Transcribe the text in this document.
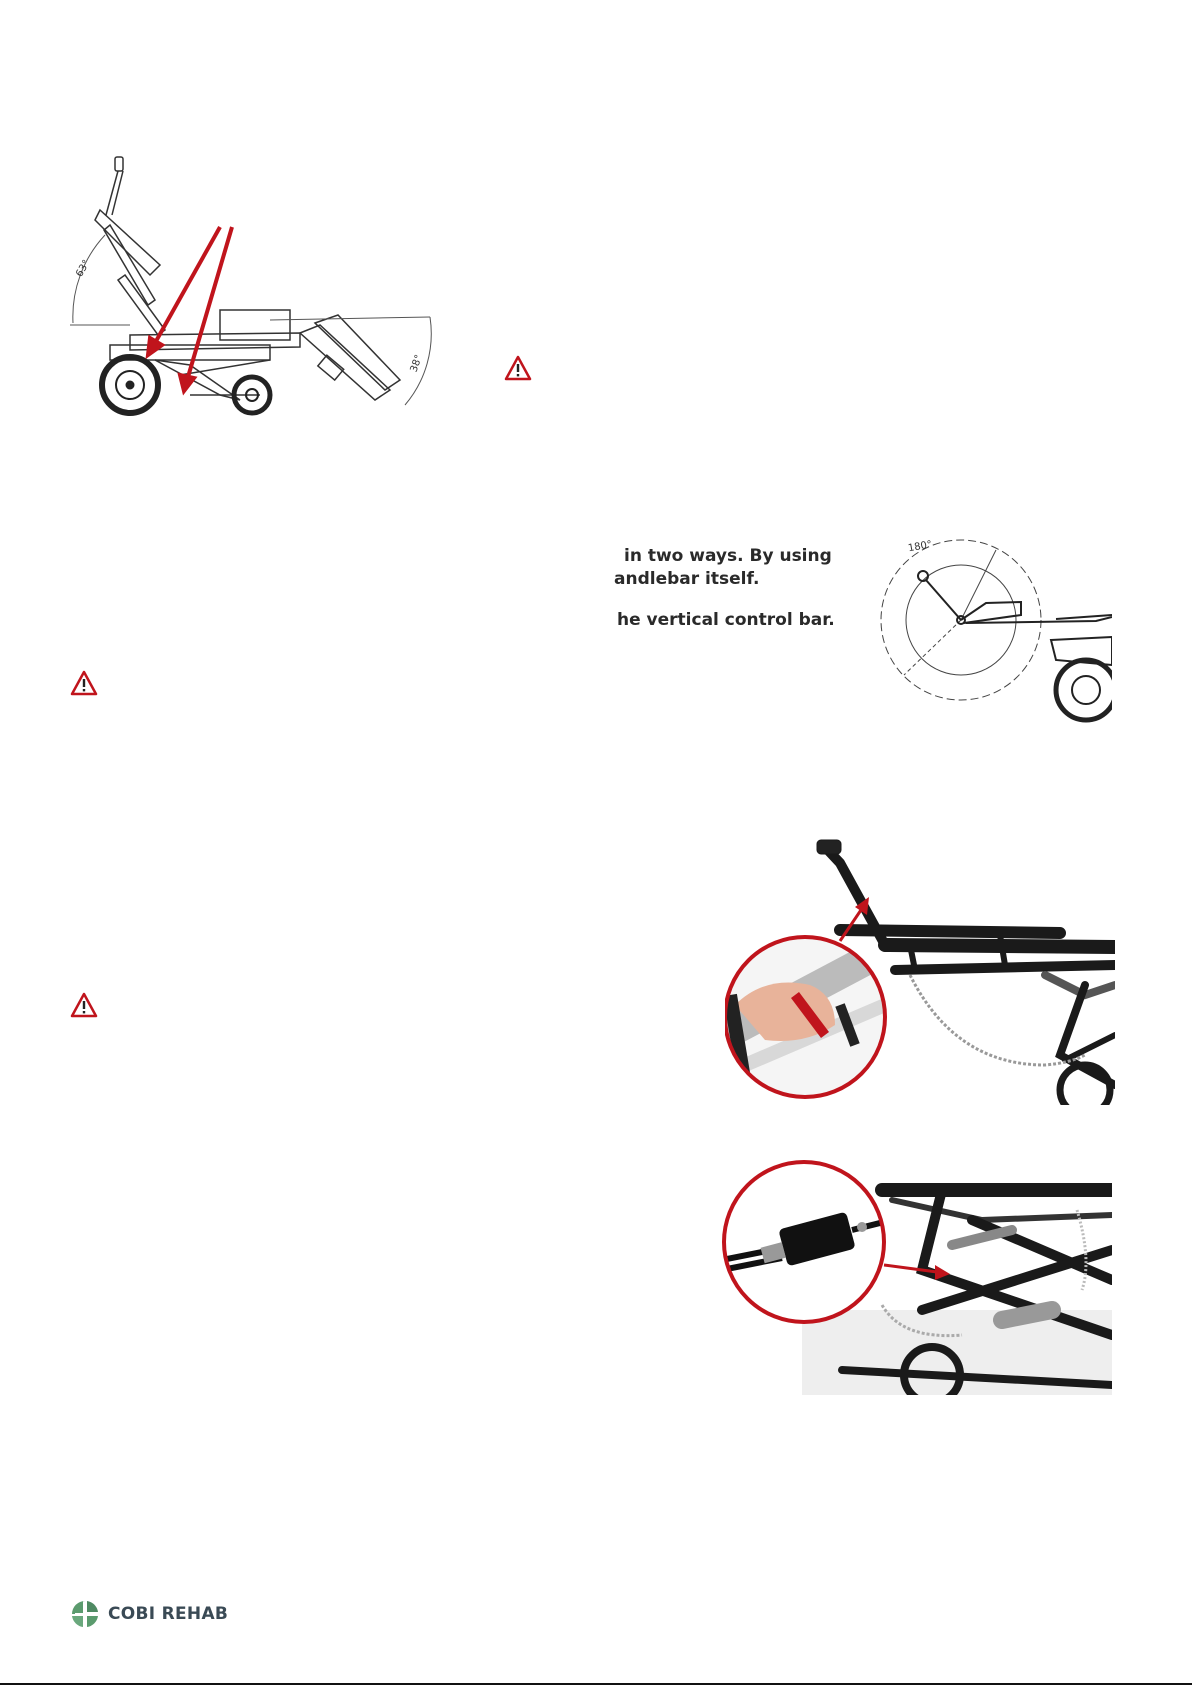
63°
38°
in two ways. By using
andlebar itself.
he vertical control bar.
180°
COBI REHAB
